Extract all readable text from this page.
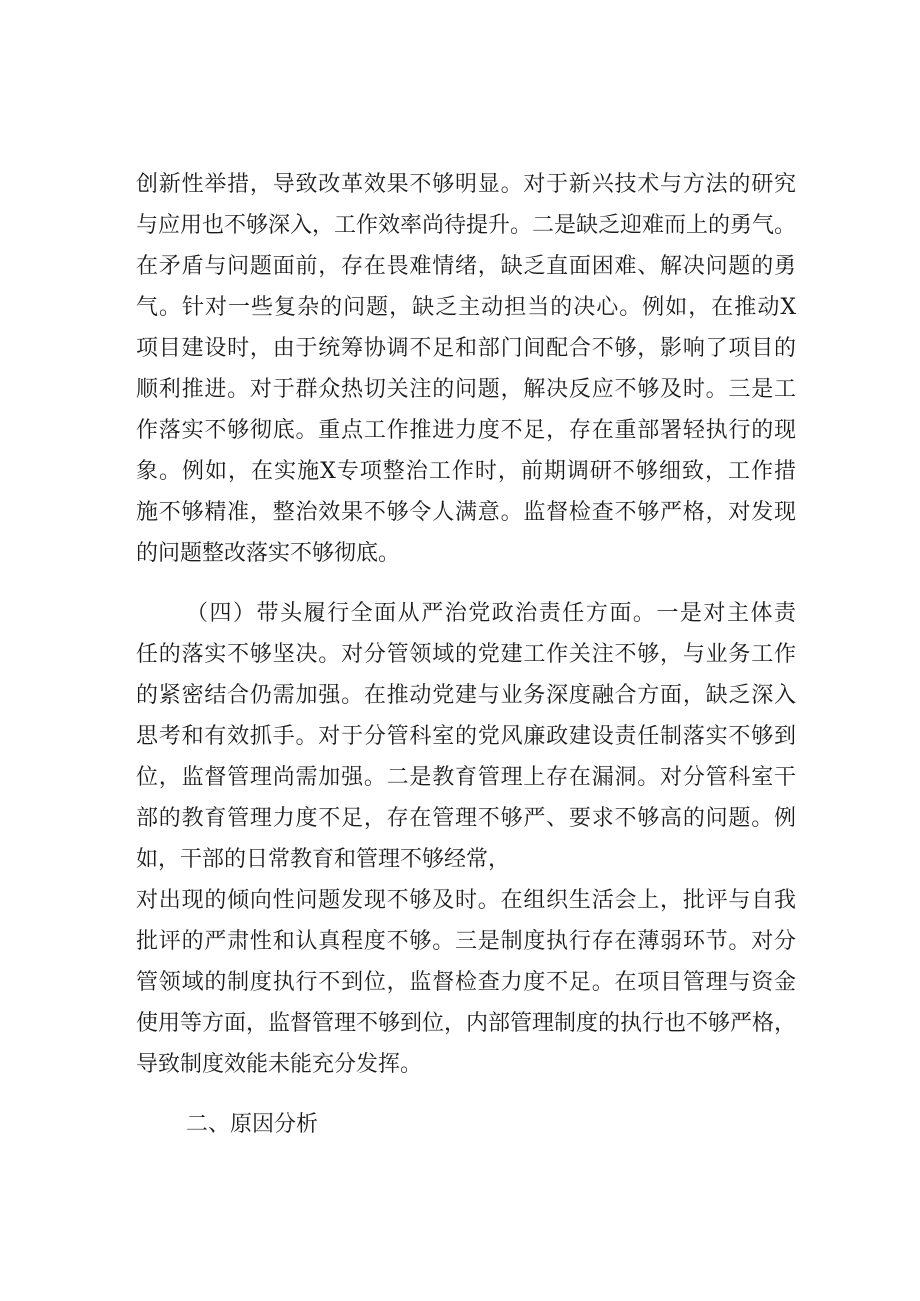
创新性举措，导致改革效果不够明显。对于新兴技术与方法的研究
与应用也不够深入，工作效率尚待提升。二是缺乏迎难而上的勇气。
在矛盾与问题面前，存在畏难情绪，缺乏直面困难、解决问题的勇
气。针对一些复杂的问题，缺乏主动担当的决心。例如，在推动X
项目建设时，由于统筹协调不足和部门间配合不够，影响了项目的
顺利推进。对于群众热切关注的问题，解决反应不够及时。三是工
作落实不够彻底。重点工作推进力度不足，存在重部署轻执行的现
象。例如，在实施X专项整治工作时，前期调研不够细致，工作措
施不够精准，整治效果不够令人满意。监督检查不够严格，对发现
的问题整改落实不够彻底。
（四）带头履行全面从严治党政治责任方面。一是对主体责
任的落实不够坚决。对分管领域的党建工作关注不够，与业务工作
的紧密结合仍需加强。在推动党建与业务深度融合方面，缺乏深入
思考和有效抓手。对于分管科室的党风廉政建设责任制落实不够到
位，监督管理尚需加强。二是教育管理上存在漏洞。对分管科室干
部的教育管理力度不足，存在管理不够严、要求不够高的问题。例
如，干部的日常教育和管理不够经常，
对出现的倾向性问题发现不够及时。在组织生活会上，批评与自我
批评的严肃性和认真程度不够。三是制度执行存在薄弱环节。对分
管领域的制度执行不到位，监督检查力度不足。在项目管理与资金
使用等方面，监督管理不够到位，内部管理制度的执行也不够严格，
导致制度效能未能充分发挥。
二、原因分析
